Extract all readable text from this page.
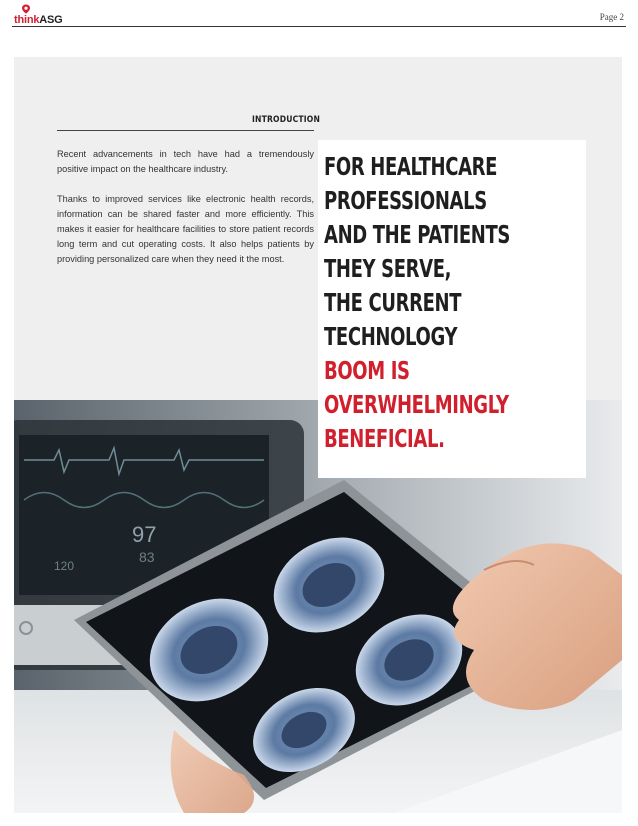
thinkASG	Page 2
INTRODUCTION

Recent advancements in tech have had a tremendously positive impact on the healthcare industry.

Thanks to improved services like electronic health records, information can be shared faster and more efficiently. This makes it easier for healthcare facilities to store patient records long term and cut operating costs. It also helps patients by providing personalized care when they need it the most.

FOR HEALTHCARE
PROFESSIONALS
AND THE PATIENTS
THEY SERVE,
THE CURRENT
TECHNOLOGY
BOOM IS
OVERWHELMINGLY
BENEFICIAL.
97
83
120
